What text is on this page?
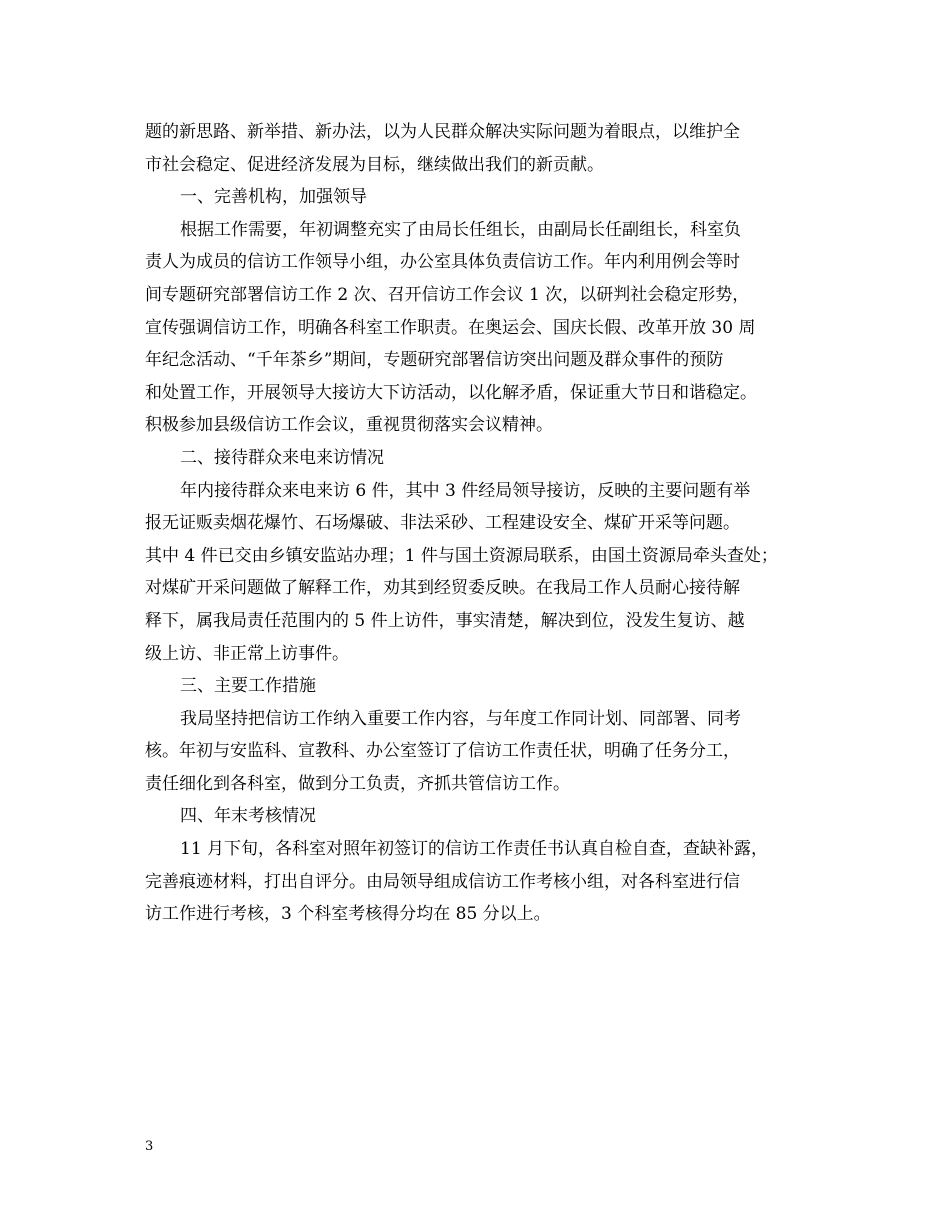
题的新思路、新举措、新办法，以为人民群众解决实际问题为着眼点，以维护全
市社会稳定、促进经济发展为目标，继续做出我们的新贡献。
一、完善机构，加强领导
根据工作需要，年初调整充实了由局长任组长，由副局长任副组长，科室负
责人为成员的信访工作领导小组，办公室具体负责信访工作。年内利用例会等时
间专题研究部署信访工作 2 次、召开信访工作会议 1 次，以研判社会稳定形势，
宣传强调信访工作，明确各科室工作职责。在奥运会、国庆长假、改革开放 30 周
年纪念活动、“千年茶乡”期间，专题研究部署信访突出问题及群众事件的预防
和处置工作，开展领导大接访大下访活动，以化解矛盾，保证重大节日和谐稳定。
积极参加县级信访工作会议，重视贯彻落实会议精神。
二、接待群众来电来访情况
年内接待群众来电来访 6 件，其中 3 件经局领导接访，反映的主要问题有举
报无证贩卖烟花爆竹、石场爆破、非法采砂、工程建设安全、煤矿开采等问题。
其中 4 件已交由乡镇安监站办理；1 件与国土资源局联系，由国土资源局牵头查处；
对煤矿开采问题做了解释工作，劝其到经贸委反映。在我局工作人员耐心接待解
释下，属我局责任范围内的 5 件上访件，事实清楚，解决到位，没发生复访、越
级上访、非正常上访事件。
三、主要工作措施
我局坚持把信访工作纳入重要工作内容，与年度工作同计划、同部署、同考
核。年初与安监科、宣教科、办公室签订了信访工作责任状，明确了任务分工，
责任细化到各科室，做到分工负责，齐抓共管信访工作。
四、年末考核情况
11 月下旬，各科室对照年初签订的信访工作责任书认真自检自查，查缺补露，
完善痕迹材料，打出自评分。由局领导组成信访工作考核小组，对各科室进行信
访工作进行考核，3 个科室考核得分均在 85 分以上。
3
